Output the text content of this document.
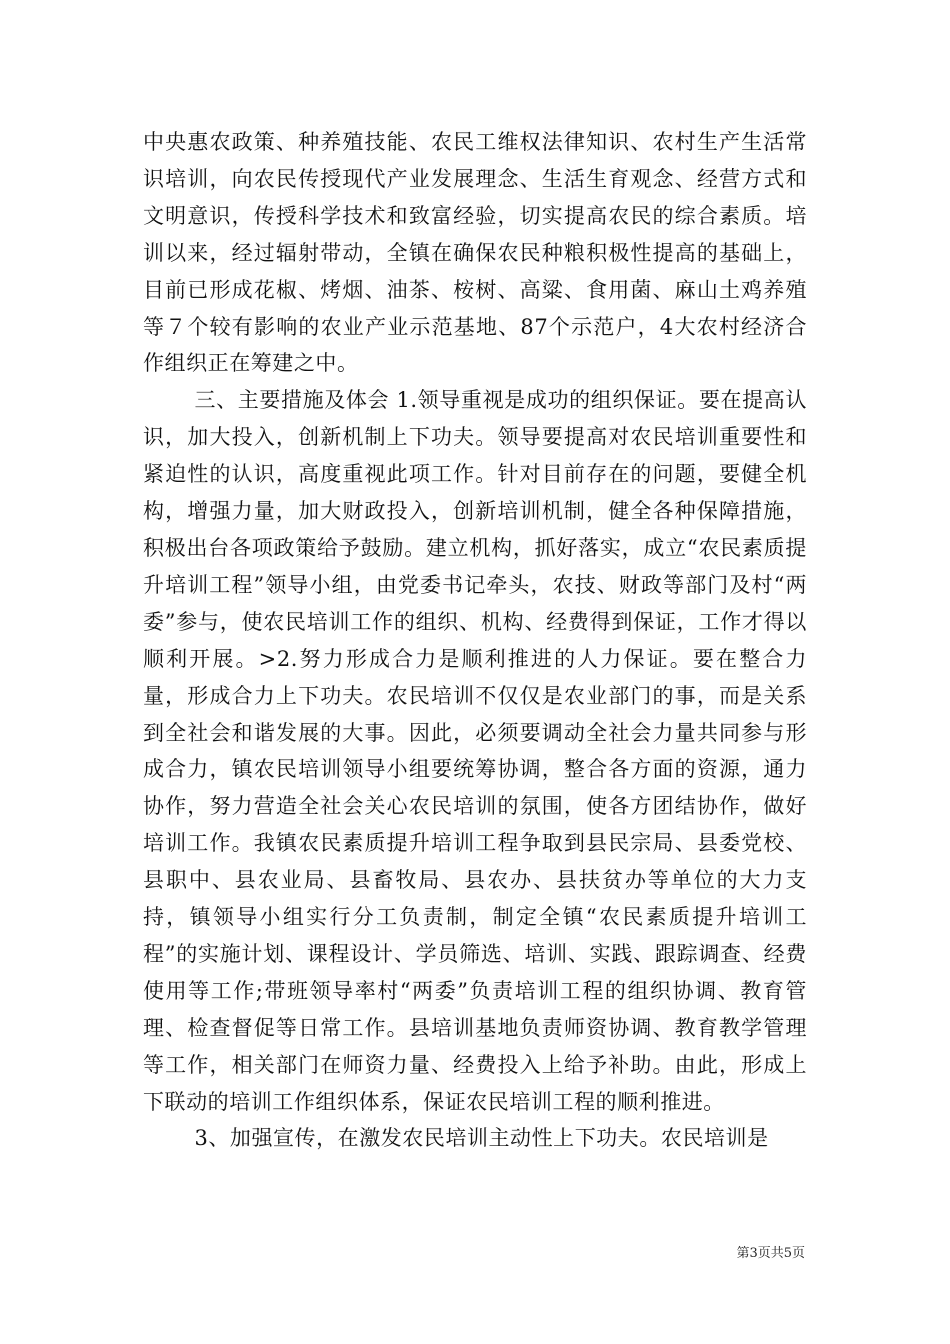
中央惠农政策、种养殖技能、农民工维权法律知识、农村生产生活常识培训，向农民传授现代产业发展理念、生活生育观念、经营方式和文明意识，传授科学技术和致富经验，切实提高农民的综合素质。培训以来，经过辐射带动，全镇在确保农民种粮积极性提高的基础上，目前已形成花椒、烤烟、油茶、桉树、高粱、食用菌、麻山土鸡养殖等７个较有影响的农业产业示范基地、87个示范户，4大农村经济合作组织正在筹建之中。

三、主要措施及体会 1.领导重视是成功的组织保证。要在提高认识，加大投入，创新机制上下功夫。领导要提高对农民培训重要性和紧迫性的认识，高度重视此项工作。针对目前存在的问题，要健全机构，增强力量，加大财政投入，创新培训机制，健全各种保障措施，积极出台各项政策给予鼓励。建立机构，抓好落实，成立“农民素质提升培训工程”领导小组，由党委书记牵头，农技、财政等部门及村“两委”参与，使农民培训工作的组织、机构、经费得到保证，工作才得以顺利开展。>2.努力形成合力是顺利推进的人力保证。要在整合力量，形成合力上下功夫。农民培训不仅仅是农业部门的事，而是关系到全社会和谐发展的大事。因此，必须要调动全社会力量共同参与形成合力，镇农民培训领导小组要统筹协调，整合各方面的资源，通力协作，努力营造全社会关心农民培训的氛围，使各方团结协作，做好培训工作。我镇农民素质提升培训工程争取到县民宗局、县委党校、县职中、县农业局、县畜牧局、县农办、县扶贫办等单位的大力支持，镇领导小组实行分工负责制，制定全镇“农民素质提升培训工程”的实施计划、课程设计、学员筛选、培训、实践、跟踪调查、经费使用等工作;带班领导率村“两委”负责培训工程的组织协调、教育管理、检查督促等日常工作。县培训基地负责师资协调、教育教学管理等工作，相关部门在师资力量、经费投入上给予补助。由此，形成上下联动的培训工作组织体系，保证农民培训工程的顺利推进。

3、加强宣传，在激发农民培训主动性上下功夫。农民培训是

第3页共5页
